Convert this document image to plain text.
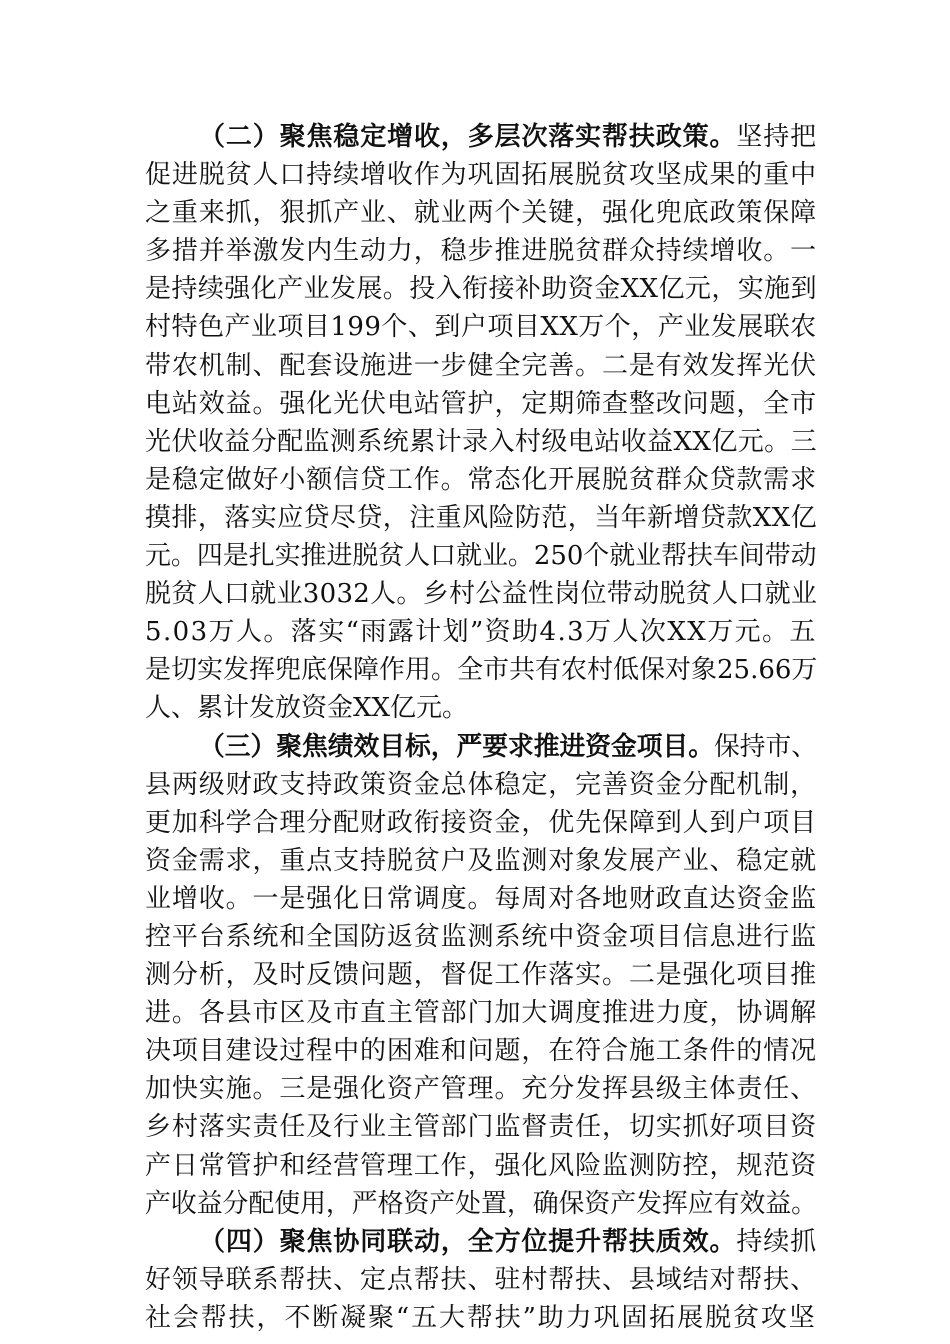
（二）聚焦稳定增收，多层次落实帮扶政策。坚持把
促进脱贫人口持续增收作为巩固拓展脱贫攻坚成果的重中
之重来抓，狠抓产业、就业两个关键，强化兜底政策保障
多措并举激发内生动力，稳步推进脱贫群众持续增收。一
是持续强化产业发展。投入衔接补助资金XX亿元，实施到
村特色产业项目199个、到户项目XX万个，产业发展联农
带农机制、配套设施进一步健全完善。二是有效发挥光伏
电站效益。强化光伏电站管护，定期筛查整改问题，全市
光伏收益分配监测系统累计录入村级电站收益XX亿元。三
是稳定做好小额信贷工作。常态化开展脱贫群众贷款需求
摸排，落实应贷尽贷，注重风险防范，当年新增贷款XX亿
元。四是扎实推进脱贫人口就业。250个就业帮扶车间带动
脱贫人口就业3032人。乡村公益性岗位带动脱贫人口就业
5.03万人。落实“雨露计划”资助4.3万人次XX万元。五
是切实发挥兜底保障作用。全市共有农村低保对象25.66万
人、累计发放资金XX亿元。
（三）聚焦绩效目标，严要求推进资金项目。保持市、
县两级财政支持政策资金总体稳定，完善资金分配机制，
更加科学合理分配财政衔接资金，优先保障到人到户项目
资金需求，重点支持脱贫户及监测对象发展产业、稳定就
业增收。一是强化日常调度。每周对各地财政直达资金监
控平台系统和全国防返贫监测系统中资金项目信息进行监
测分析，及时反馈问题，督促工作落实。二是强化项目推
进。各县市区及市直主管部门加大调度推进力度，协调解
决项目建设过程中的困难和问题，在符合施工条件的情况
加快实施。三是强化资产管理。充分发挥县级主体责任、
乡村落实责任及行业主管部门监督责任，切实抓好项目资
产日常管护和经营管理工作，强化风险监测防控，规范资
产收益分配使用，严格资产处置，确保资产发挥应有效益。
（四）聚焦协同联动，全方位提升帮扶质效。持续抓
好领导联系帮扶、定点帮扶、驻村帮扶、县域结对帮扶、
社会帮扶，不断凝聚“五大帮扶”助力巩固拓展脱贫攻坚
